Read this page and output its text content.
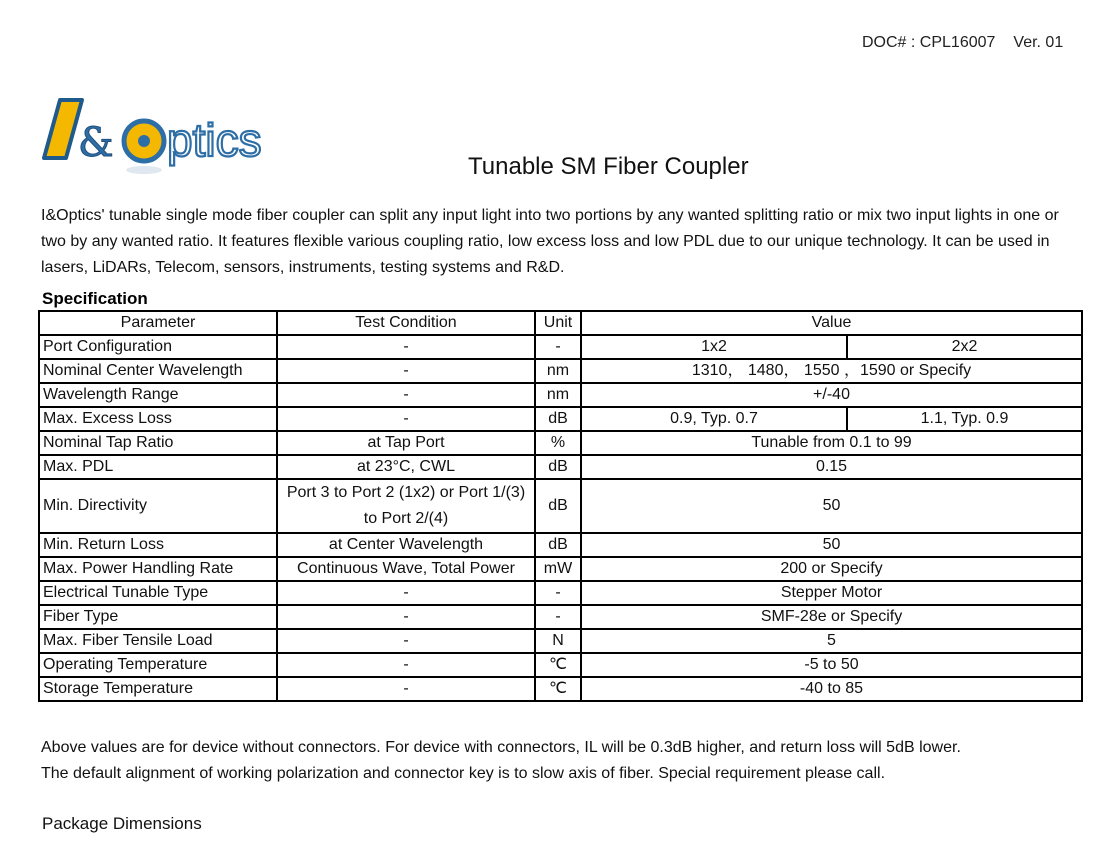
DOC# : CPL16007 Ver. 01
& ptics
Tunable SM Fiber Coupler
I&Optics' tunable single mode fiber coupler can split any input light into two portions by any wanted splitting ratio or mix two input lights in one or two by any wanted ratio. It features flexible various coupling ratio, low excess loss and low PDL due to our unique technology. It can be used in lasers, LiDARs, Telecom, sensors, instruments, testing systems and R&D.
Specification
Parameter	Test Condition	Unit	Value	
Port Configuration	-	-	1x2	2x2
Nominal Center Wavelength	-	nm	1310， 1480， 1550 ，1590 or Specify	
Wavelength Range	-	nm	+/-40	
Max. Excess Loss	-	dB	0.9, Typ. 0.7	1.1, Typ. 0.9
Nominal Tap Ratio	at Tap Port	%	Tunable from 0.1 to 99	
Max. PDL	at 23°C, CWL	dB	0.15	
Min. Directivity	Port 3 to Port 2 (1x2) or Port 1/(3) to Port 2/(4)	dB	50	
Min. Return Loss	at Center Wavelength	dB	50	
Max. Power Handling Rate	Continuous Wave, Total Power	mW	200 or Specify	
Electrical Tunable Type	-	-	Stepper Motor	
Fiber Type	-	-	SMF-28e or Specify	
Max. Fiber Tensile Load	-	N	5	
Operating Temperature	-	℃	-5 to 50	
Storage Temperature	-	℃	-40 to 85	
Above values are for device without connectors. For device with connectors, IL will be 0.3dB higher, and return loss will 5dB lower.
The default alignment of working polarization and connector key is to slow axis of fiber. Special requirement please call.
Package Dimensions
